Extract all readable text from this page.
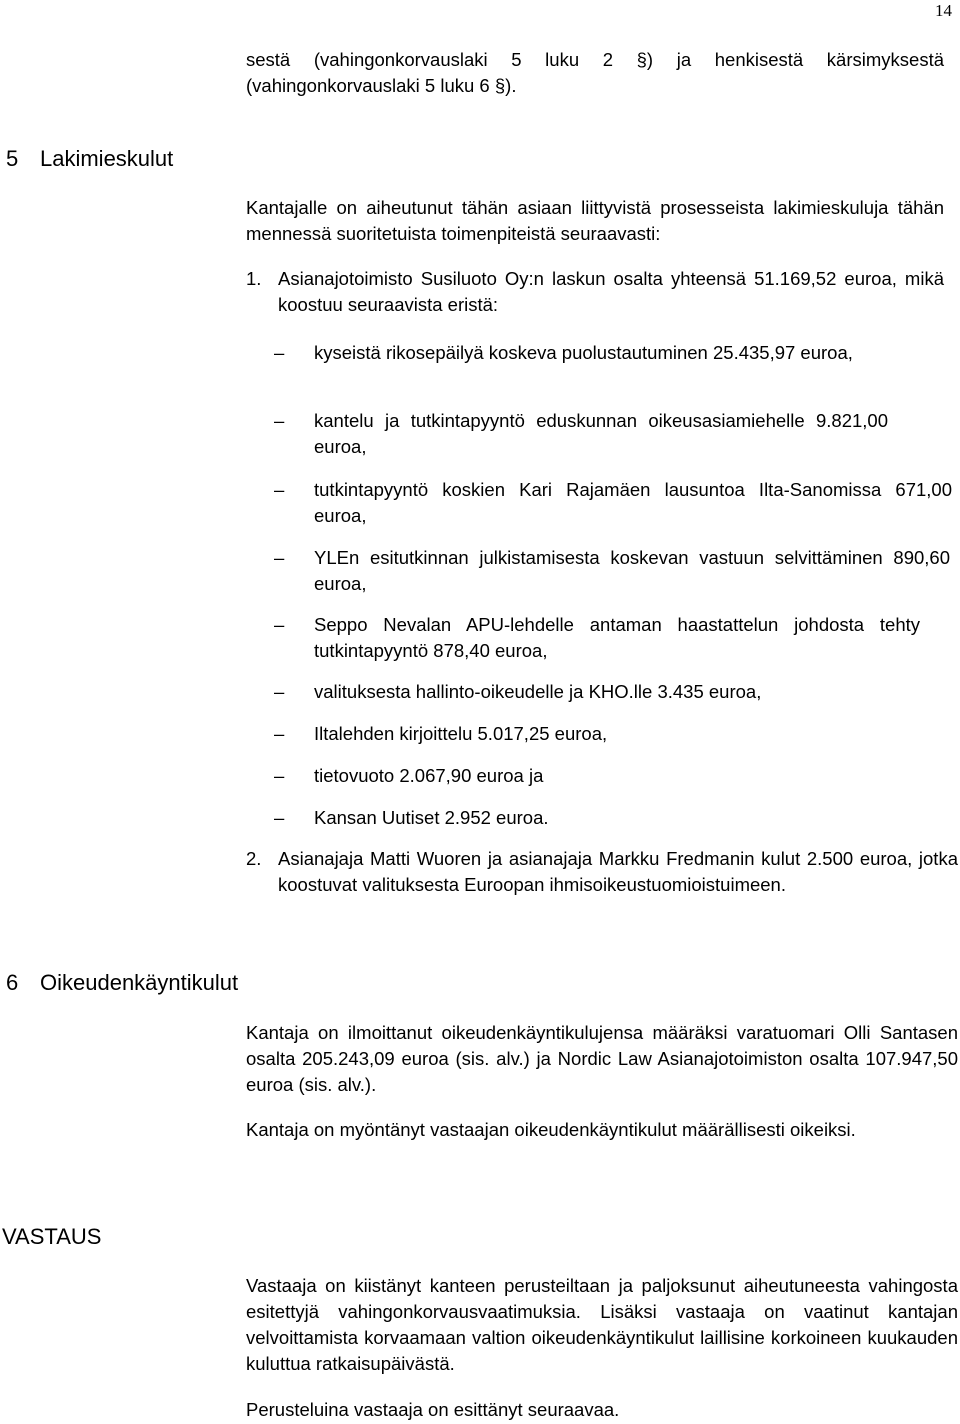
14

sestä (vahingonkorvauslaki 5 luku 2 §) ja henkisestä kärsimyksestä (vahingonkorvauslaki 5 luku 6 §).

5 Lakimieskulut

Kantajalle on aiheutunut tähän asiaan liittyvistä prosesseista lakimieskuluja tähän mennessä suoritetuista toimenpiteistä seuraavasti:

1. Asianajotoimisto Susiluoto Oy:n laskun osalta yhteensä 51.169,52 euroa, mikä koostuu seuraavista eristä:

– kyseistä rikosepäilyä koskeva puolustautuminen 25.435,97 euroa,

– kantelu ja tutkintapyyntö eduskunnan oikeusasiamiehelle 9.821,00 euroa,

– tutkintapyyntö koskien Kari Rajamäen lausuntoa Ilta-Sanomissa 671,00 euroa,

– YLEn esitutkinnan julkistamisesta koskevan vastuun selvittäminen 890,60 euroa,

– Seppo Nevalan APU-lehdelle antaman haastattelun johdosta tehty tutkintapyyntö 878,40 euroa,

– valituksesta hallinto-oikeudelle ja KHO.lle 3.435 euroa,

– Iltalehden kirjoittelu 5.017,25 euroa,

– tietovuoto 2.067,90 euroa ja

– Kansan Uutiset 2.952 euroa.

2. Asianajaja Matti Wuoren ja asianajaja Markku Fredmanin kulut 2.500 euroa, jotka koostuvat valituksesta Euroopan ihmisoikeustuomioistuimeen.

6 Oikeudenkäyntikulut

Kantaja on ilmoittanut oikeudenkäyntikulujensa määräksi varatuomari Olli Santasen osalta 205.243,09 euroa (sis. alv.) ja Nordic Law Asianajotoimiston osalta 107.947,50 euroa (sis. alv.).

Kantaja on myöntänyt vastaajan oikeudenkäyntikulut määrällisesti oikeiksi.

VASTAUS

Vastaaja on kiistänyt kanteen perusteiltaan ja paljoksunut aiheutuneesta vahingosta esitettyjä vahingonkorvausvaatimuksia. Lisäksi vastaaja on vaatinut kantajan velvoittamista korvaamaan valtion oikeudenkäyntikulut laillisine korkoineen kuukauden kuluttua ratkaisupäivästä.

Perusteluina vastaaja on esittänyt seuraavaa.
